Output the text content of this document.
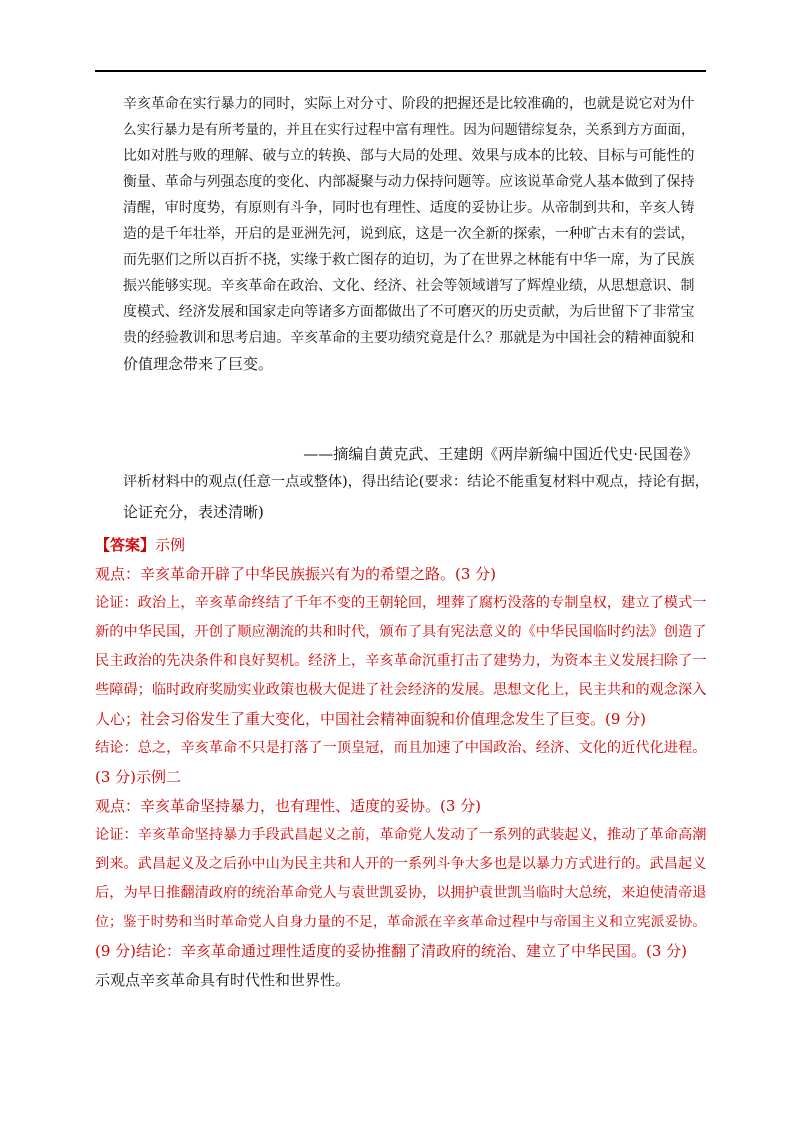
辛亥革命在实行暴力的同时，实际上对分寸、阶段的把握还是比较准确的，也就是说它对为什
么实行暴力是有所考量的，并且在实行过程中富有理性。因为问题错综复杂，关系到方方面面，
比如对胜与败的理解、破与立的转换、部与大局的处理、效果与成本的比较、目标与可能性的
衡量、革命与列强态度的变化、内部凝聚与动力保持问题等。应该说革命党人基本做到了保持
清醒，审时度势，有原则有斗争，同时也有理性、适度的妥协让步。从帝制到共和，辛亥人铸
造的是千年壮举，开启的是亚洲先河，说到底，这是一次全新的探索，一种旷古未有的尝试，
而先驱们之所以百折不挠，实缘于救亡图存的迫切，为了在世界之林能有中华一席，为了民族
振兴能够实现。辛亥革命在政治、文化、经济、社会等领域谱写了辉煌业绩，从思想意识、制
度模式、经济发展和国家走向等诸多方面都做出了不可磨灭的历史贡献，为后世留下了非常宝
贵的经验教训和思考启迪。辛亥革命的主要功绩究竟是什么？那就是为中国社会的精神面貌和
价值理念带来了巨变。
——摘编自黄克武、王建朗《两岸新编中国近代史·民国卷》
评析材料中的观点(任意一点或整体)，得出结论(要求：结论不能重复材料中观点，持论有据，
论证充分，表述清晰)
【答案】示例
观点：辛亥革命开辟了中华民族振兴有为的希望之路。(3 分)
论证：政治上，辛亥革命终结了千年不变的王朝轮回，埋葬了腐朽没落的专制皇权，建立了模式一
新的中华民国，开创了顺应潮流的共和时代，颁布了具有宪法意义的《中华民国临时约法》创造了
民主政治的先决条件和良好契机。经济上，辛亥革命沉重打击了建势力，为资本主义发展扫除了一
些障碍；临时政府奖励实业政策也极大促进了社会经济的发展。思想文化上，民主共和的观念深入
人心；社会习俗发生了重大变化，中国社会精神面貌和价值理念发生了巨变。(9 分)
结论：总之，辛亥革命不只是打落了一顶皇冠，而且加速了中国政治、经济、文化的近代化进程。
(3 分)示例二
观点：辛亥革命坚持暴力，也有理性、适度的妥协。(3 分)
论证：辛亥革命坚持暴力手段武昌起义之前，革命党人发动了一系列的武装起义，推动了革命高潮
到来。武昌起义及之后孙中山为民主共和人开的一系列斗争大多也是以暴力方式进行的。武昌起义
后，为早日推翻清政府的统治革命党人与袁世凯妥协，以拥护袁世凯当临时大总统，来迫使清帝退
位；鉴于时势和当时革命党人自身力量的不足，革命派在辛亥革命过程中与帝国主义和立宪派妥协。
(9 分)结论：辛亥革命通过理性适度的妥协推翻了清政府的统治、建立了中华民国。(3 分)
示观点辛亥革命具有时代性和世界性。
